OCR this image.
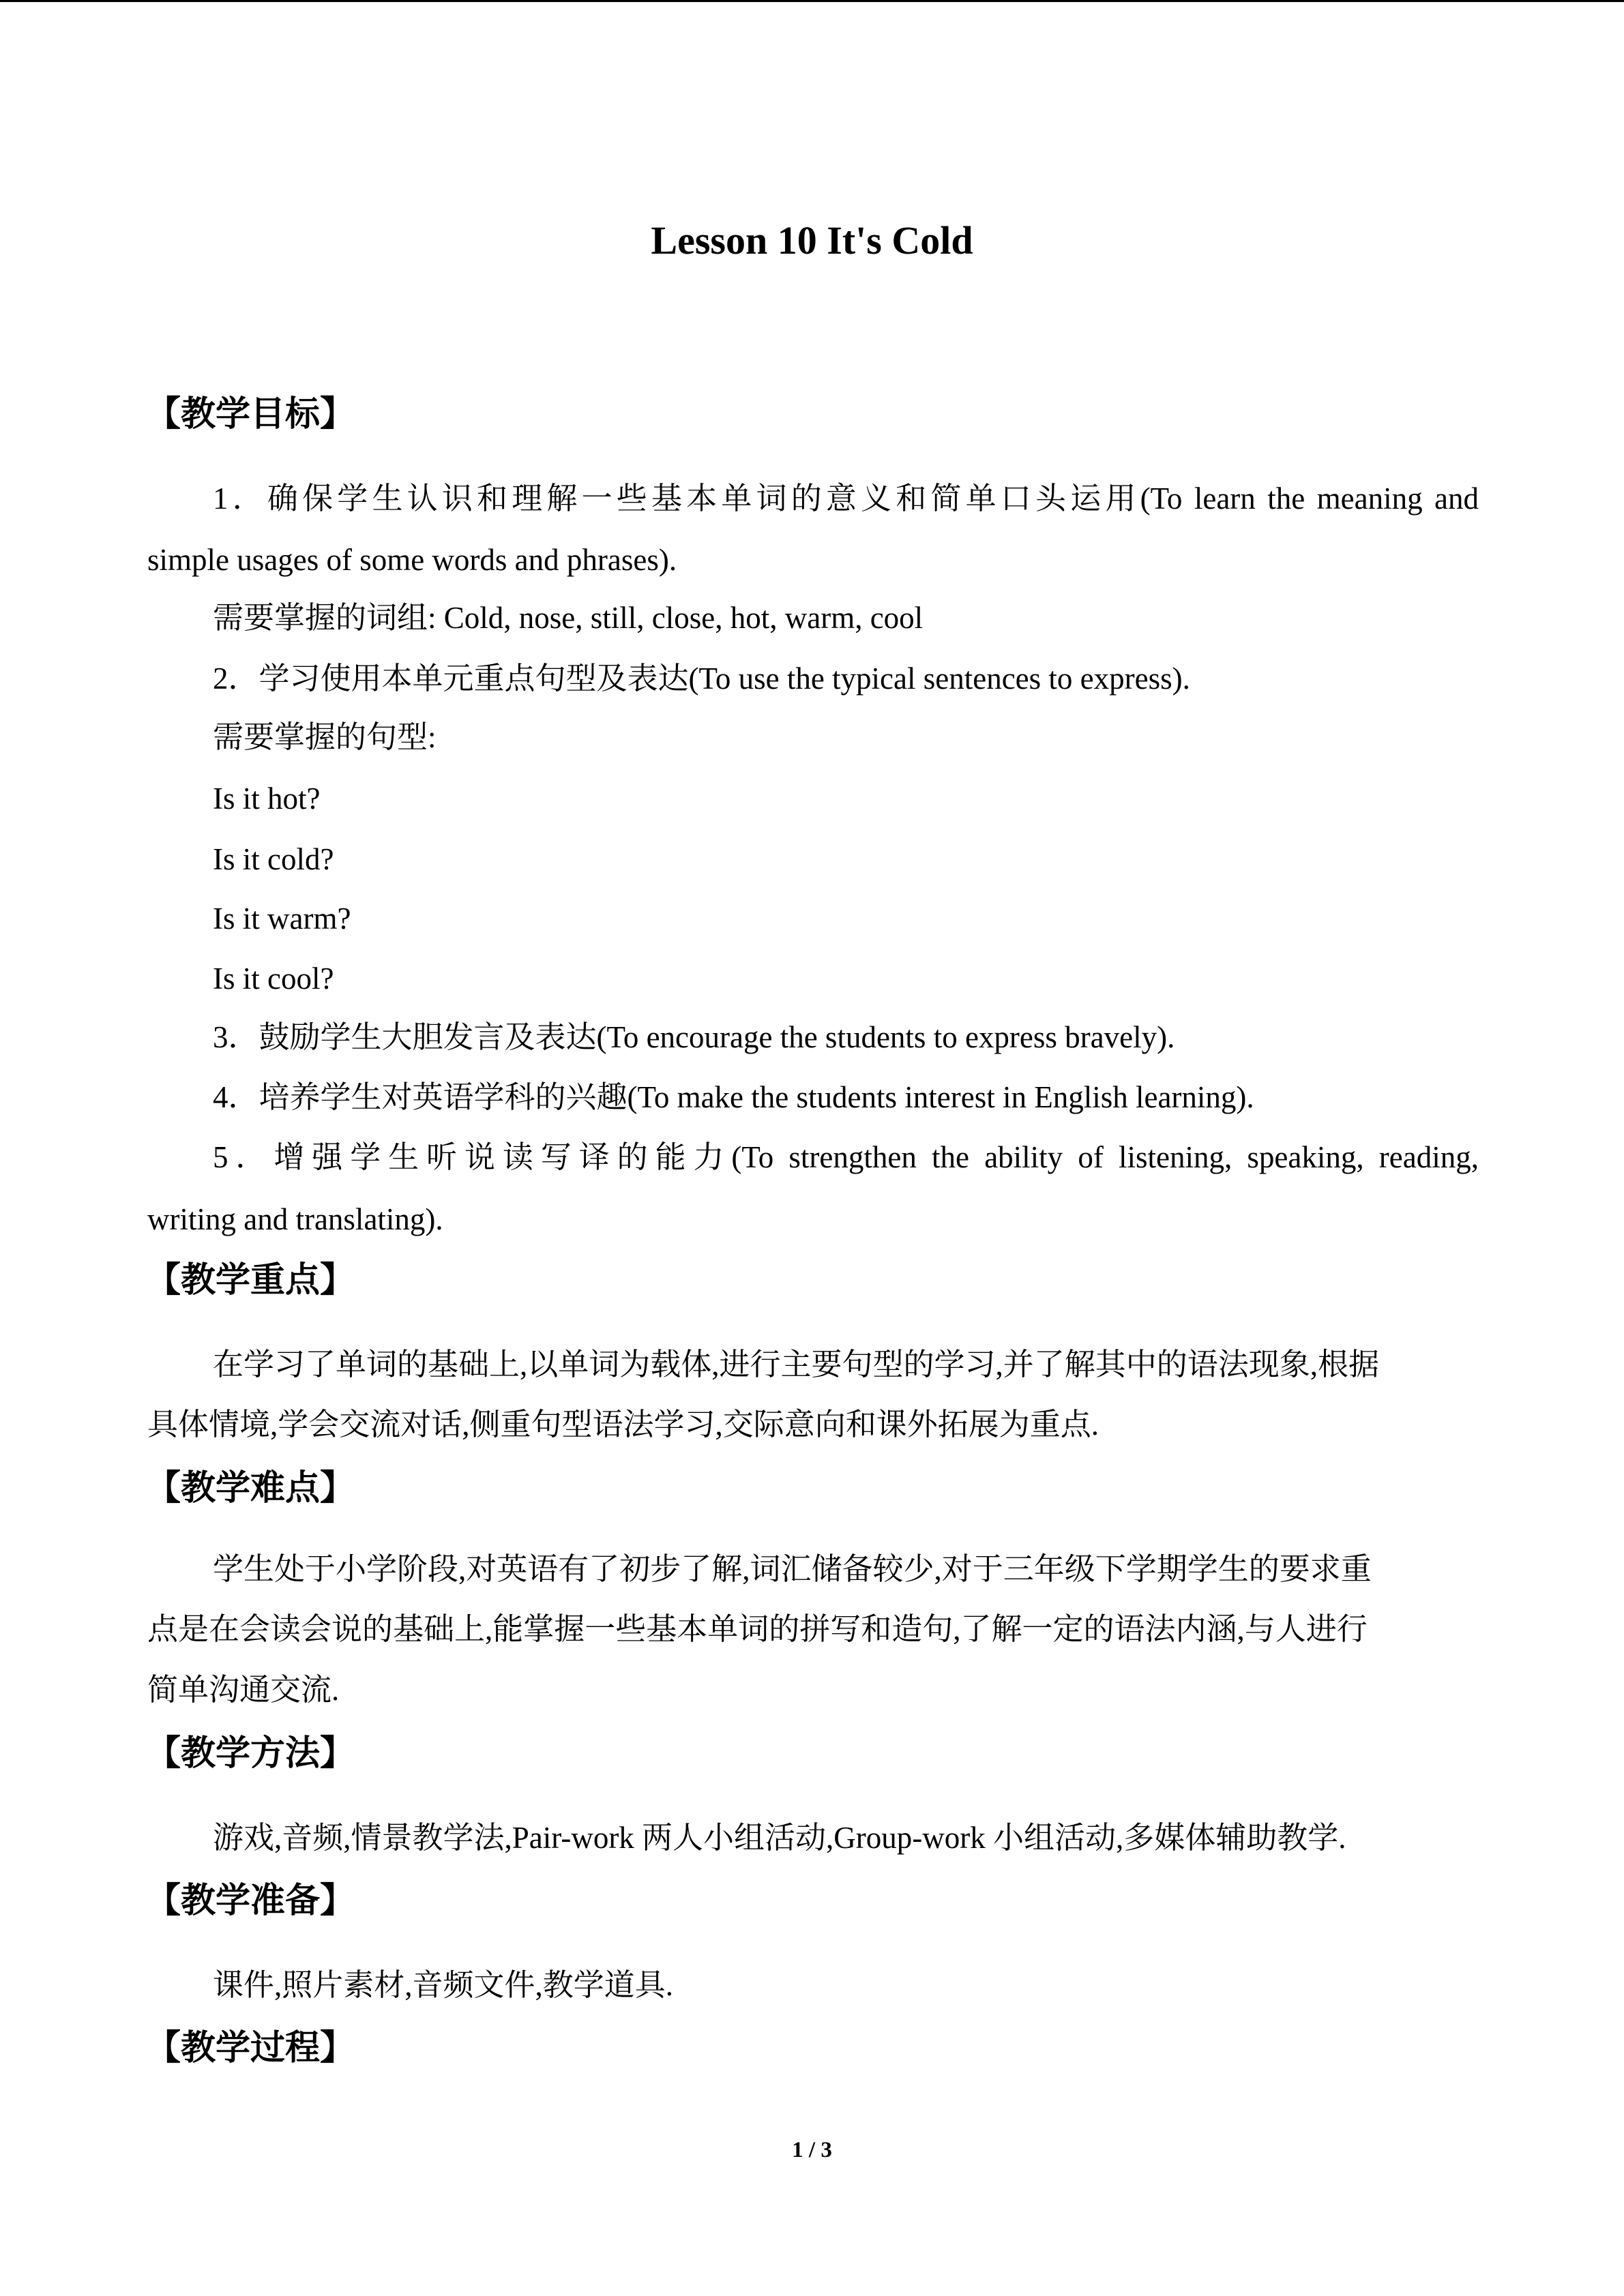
Lesson 10 It's Cold
【教学目标】
1．确保学生认识和理解一些基本单词的意义和简单口头运用(To learn the meaning and
simple usages of some words and phrases).
需要掌握的词组: Cold, nose, still, close, hot, warm, cool
2．学习使用本单元重点句型及表达(To use the typical sentences to express).
需要掌握的句型:
Is it hot?
Is it cold?
Is it warm?
Is it cool?
3．鼓励学生大胆发言及表达(To encourage the students to express bravely).
4．培养学生对英语学科的兴趣(To make the students interest in English learning).
5．增强学生听说读写译的能力(To strengthen the ability of listening, speaking, reading,
writing and translating).
【教学重点】
在学习了单词的基础上,以单词为载体,进行主要句型的学习,并了解其中的语法现象,根据
具体情境,学会交流对话,侧重句型语法学习,交际意向和课外拓展为重点.
【教学难点】
学生处于小学阶段,对英语有了初步了解,词汇储备较少,对于三年级下学期学生的要求重
点是在会读会说的基础上,能掌握一些基本单词的拼写和造句,了解一定的语法内涵,与人进行
简单沟通交流.
【教学方法】
游戏,音频,情景教学法,Pair-work 两人小组活动,Group-work 小组活动,多媒体辅助教学.
【教学准备】
课件,照片素材,音频文件,教学道具.
【教学过程】
1 / 3
